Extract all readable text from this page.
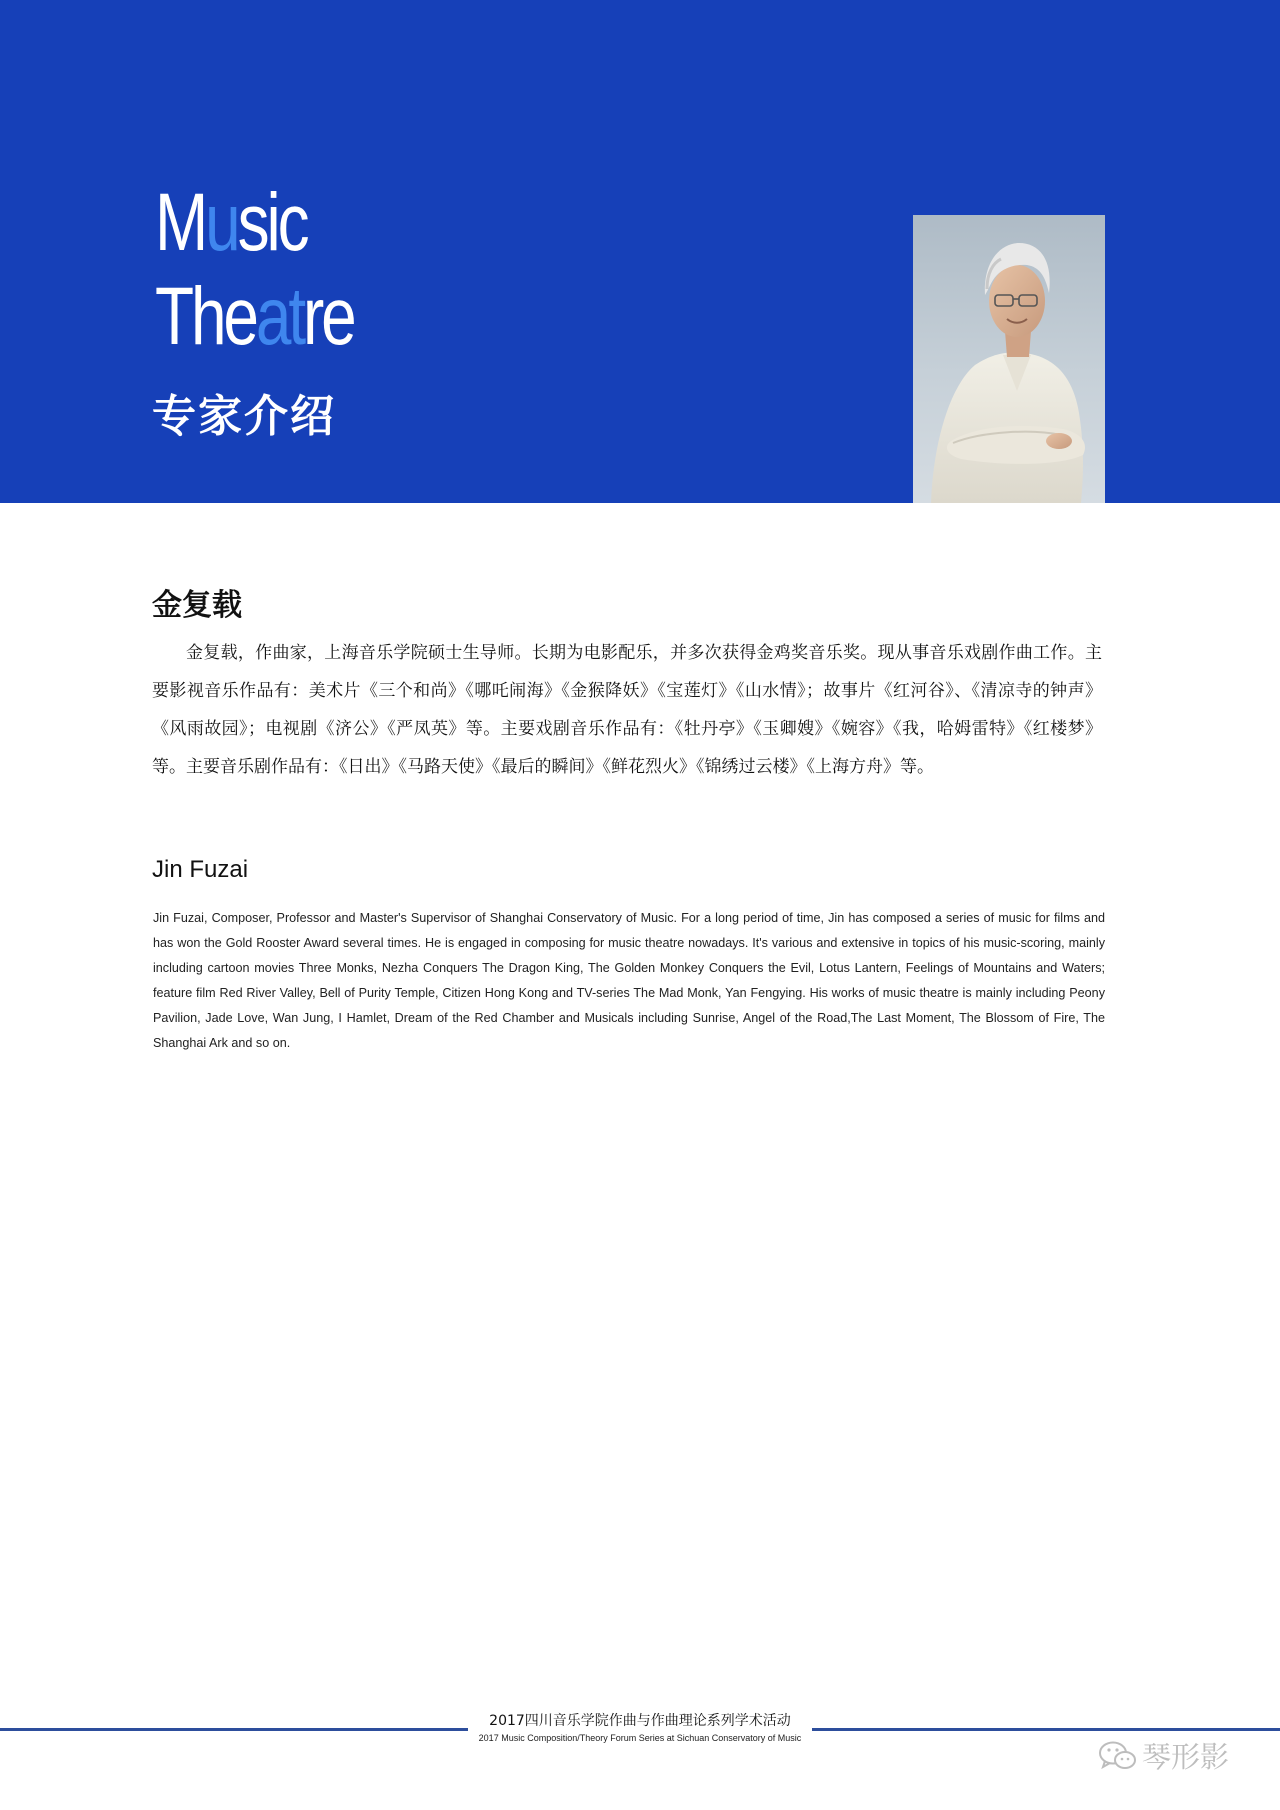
Music
Theatre
专家介绍
金复载

金复载，作曲家，上海音乐学院硕士生导师。长期为电影配乐，并多次获得金鸡奖音乐奖。现从事音乐戏剧作曲工作。主要影视音乐作品有：美术片《三个和尚》《哪吒闹海》《金猴降妖》《宝莲灯》《山水情》；故事片《红河谷》、《清凉寺的钟声》《风雨故园》；电视剧《济公》《严凤英》等。主要戏剧音乐作品有：《牡丹亭》《玉卿嫂》《婉容》《我，哈姆雷特》《红楼梦》等。主要音乐剧作品有：《日出》《马路天使》《最后的瞬间》《鲜花烈火》《锦绣过云楼》《上海方舟》等。

Jin Fuzai

Jin Fuzai, Composer, Professor and Master's Supervisor of Shanghai Conservatory of Music. For a long period of time, Jin has composed a series of music for films and has won the Gold Rooster Award several times. He is engaged in composing for music theatre nowadays. It's various and extensive in topics of his music-scoring, mainly including cartoon movies Three Monks, Nezha Conquers The Dragon King, The Golden Monkey Conquers the Evil, Lotus Lantern, Feelings of Mountains and Waters; feature film Red River Valley, Bell of Purity Temple, Citizen Hong Kong and TV-series The Mad Monk, Yan Fengying. His works of music theatre is mainly including Peony Pavilion, Jade Love, Wan Jung, I Hamlet, Dream of the Red Chamber and Musicals including Sunrise, Angel of the Road,The Last Moment, The Blossom of Fire, The Shanghai Ark and so on.

2017四川音乐学院作曲与作曲理论系列学术活动
2017 Music Composition/Theory Forum Series at Sichuan Conservatory of Music
琴形影
